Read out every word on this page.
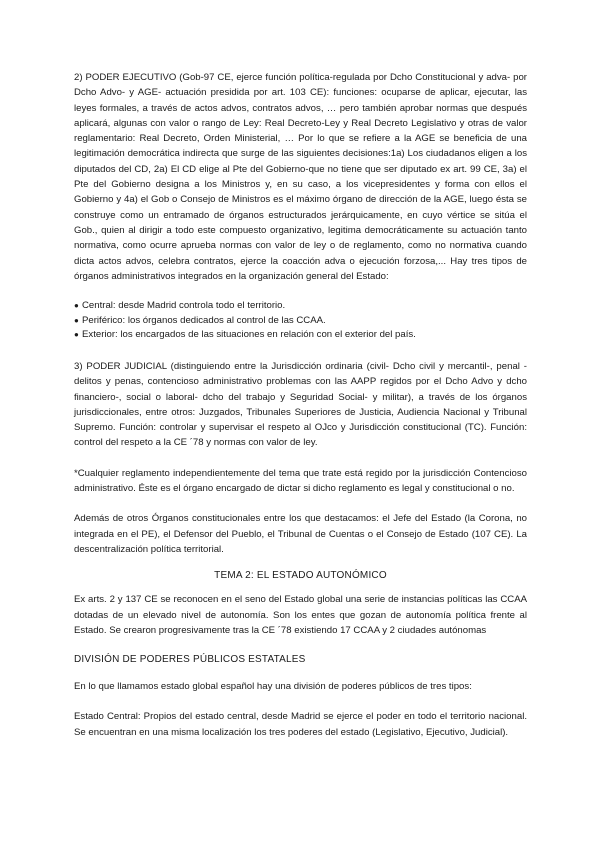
2) PODER EJECUTIVO (Gob-97 CE, ejerce función política-regulada por Dcho Constitucional y adva- por Dcho Advo- y AGE- actuación presidida por art. 103 CE): funciones: ocuparse de aplicar, ejecutar, las leyes formales, a través de actos advos, contratos advos, … pero también aprobar normas que después aplicará, algunas con valor o rango de Ley: Real Decreto-Ley y Real Decreto Legislativo y otras de valor reglamentario: Real Decreto, Orden Ministerial, … Por lo que se refiere a la AGE se beneficia de una legitimación democrática indirecta que surge de las siguientes decisiones:1a) Los ciudadanos eligen a los diputados del CD, 2a) El CD elige al Pte del Gobierno-que no tiene que ser diputado ex art. 99 CE, 3a) el Pte del Gobierno designa a los Ministros y, en su caso, a los vicepresidentes y forma con ellos el Gobierno y 4a) el Gob o Consejo de Ministros es el máximo órgano de dirección de la AGE, luego ésta se construye como un entramado de órganos estructurados jerárquicamente, en cuyo vértice se sitúa el Gob., quien al dirigir a todo este compuesto organizativo, legitima democráticamente su actuación tanto normativa, como ocurre aprueba normas con valor de ley o de reglamento, como no normativa cuando dicta actos advos, celebra contratos, ejerce la coacción adva o ejecución forzosa,... Hay tres tipos de órganos administrativos integrados en la organización general del Estado:

● Central: desde Madrid controla todo el territorio.
● Periférico: los órganos dedicados al control de las CCAA.
● Exterior: los encargados de las situaciones en relación con el exterior del país.

3) PODER JUDICIAL (distinguiendo entre la Jurisdicción ordinaria (civil- Dcho civil y mercantil-, penal -delitos y penas, contencioso administrativo problemas con las AAPP regidos por el Dcho Advo y dcho financiero-, social o laboral- dcho del trabajo y Seguridad Social- y militar), a través de los órganos jurisdiccionales, entre otros: Juzgados, Tribunales Superiores de Justicia, Audiencia Nacional y Tribunal Supremo. Función: controlar y supervisar el respeto al OJco y Jurisdicción constitucional (TC). Función: control del respeto a la CE ´78 y normas con valor de ley.

*Cualquier reglamento independientemente del tema que trate está regido por la jurisdicción Contencioso administrativo. Éste es el órgano encargado de dictar si dicho reglamento es legal y constitucional o no.

Además de otros Órganos constitucionales entre los que destacamos: el Jefe del Estado (la Corona, no integrada en el PE), el Defensor del Pueblo, el Tribunal de Cuentas o el Consejo de Estado (107 CE). La descentralización política territorial.

TEMA 2: EL ESTADO AUTONÓMICO

Ex arts. 2 y 137 CE se reconocen en el seno del Estado global una serie de instancias políticas las CCAA dotadas de un elevado nivel de autonomía. Son los entes que gozan de autonomía política frente al Estado. Se crearon progresivamente tras la CE ´78 existiendo 17 CCAA y 2 ciudades autónomas

DIVISIÓN DE PODERES PÚBLICOS ESTATALES

En lo que llamamos estado global español hay una división de poderes públicos de tres tipos:

Estado Central: Propios del estado central, desde Madrid se ejerce el poder en todo el territorio nacional. Se encuentran en una misma localización los tres poderes del estado (Legislativo, Ejecutivo, Judicial).
